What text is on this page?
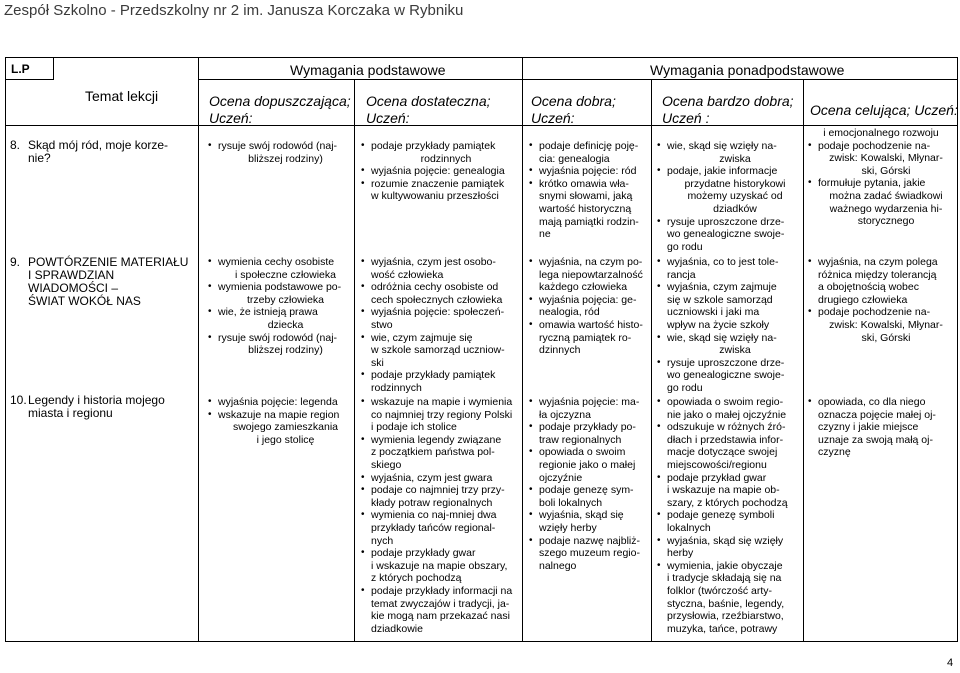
Zespół Szkolno - Przedszkolny nr 2 im. Janusza Korczaka w Rybniku
L.P
Temat lekcji
Wymagania podstawowe	Wymagania ponadpodstawowe
Ocena dopuszczająca;
Uczeń:
Ocena dostateczna;
Uczeń:
Ocena dobra;
Uczeń:
Ocena bardzo dobra;
Uczeń :	Ocena celująca; Uczeń:
8. Skąd mój ród, moje korze-
nie?
9. POWTÓRZENIE MATERIAŁU
I SPRAWDZIAN
WIADOMOŚCI –
ŚWIAT WOKÓŁ NAS
10.Legendy i historia mojego
miasta i regionu
• rysuje swój rodowód (naj-
bliższej rodziny)
• podaje przykłady pamiątek
rodzinnych
• wyjaśnia pojęcie: genealogia
• rozumie znaczenie pamiątek
w kultywowaniu przeszłości
• podaje definicję poję-
cia: genealogia
• wyjaśnia pojęcie: ród
• krótko omawia wła-
snymi słowami, jaką
wartość historyczną
mają pamiątki rodzin-
ne
• wie, skąd się wzięły na-
zwiska
• podaje, jakie informacje
przydatne historykowi
możemy uzyskać od
dziadków
• rysuje uproszczone drze-
wo genealogiczne swoje-
go rodu
i emocjonalnego rozwoju
• podaje pochodzenie na-
zwisk: Kowalski, Młynar-
ski, Górski
• formułuje pytania, jakie
można zadać świadkowi
ważnego wydarzenia hi-
storycznego
• wymienia cechy osobiste
i społeczne człowieka
• wymienia podstawowe po-
trzeby człowieka
• wie, że istnieją prawa
dziecka
• rysuje swój rodowód (naj-
bliższej rodziny)
• wyjaśnia, czym jest osobo-
wość człowieka
• odróżnia cechy osobiste od
cech społecznych człowieka
• wyjaśnia pojęcie: społeczeń-
stwo
• wie, czym zajmuje się
w szkole samorząd uczniow-
ski
• podaje przykłady pamiątek
rodzinnych
• wyjaśnia, na czym po-
lega niepowtarzalność
każdego człowieka
• wyjaśnia pojęcia: ge-
nealogia, ród
• omawia wartość histo-
ryczną pamiątek ro-
dzinnych
• wyjaśnia, co to jest tole-
rancja
• wyjaśnia, czym zajmuje
się w szkole samorząd
uczniowski i jaki ma
wpływ na życie szkoły
• wie, skąd się wzięły na-
zwiska
• rysuje uproszczone drze-
wo genealogiczne swoje-
go rodu
• wyjaśnia, na czym polega
różnica między tolerancją
a obojętnością wobec
drugiego człowieka
• podaje pochodzenie na-
zwisk: Kowalski, Młynar-
ski, Górski
• wyjaśnia pojęcie: legenda
• wskazuje na mapie region
swojego zamieszkania
i jego stolicę
• wskazuje na mapie i wymienia
co najmniej trzy regiony Polski
i podaje ich stolice
• wymienia legendy związane
z początkiem państwa pol-
skiego
• wyjaśnia, czym jest gwara
• podaje co najmniej trzy przy-
kłady potraw regionalnych
• wymienia co naj-mniej dwa
przykłady tańców regional-
nych
• podaje przykłady gwar
i wskazuje na mapie obszary,
z których pochodzą
• podaje przykłady informacji na
temat zwyczajów i tradycji, ja-
kie mogą nam przekazać nasi
dziadkowie
• wyjaśnia pojęcie: ma-
ła ojczyzna
• podaje przykłady po-
traw regionalnych
• opowiada o swoim
regionie jako o małej
ojczyźnie
• podaje genezę sym-
boli lokalnych
• wyjaśnia, skąd się
wzięły herby
• podaje nazwę najbliż-
szego muzeum regio-
nalnego
• opowiada o swoim regio-
nie jako o małej ojczyźnie
• odszukuje w różnych źró-
dłach i przedstawia infor-
macje dotyczące swojej
miejscowości/regionu
• podaje przykład gwar
i wskazuje na mapie ob-
szary, z których pochodzą
• podaje genezę symboli
lokalnych
• wyjaśnia, skąd się wzięły
herby
• wymienia, jakie obyczaje
i tradycje składają się na
folklor (twórczość arty-
styczna, baśnie, legendy,
przysłowia, rzeźbiarstwo,
muzyka, tańce, potrawy
• opowiada, co dla niego
oznacza pojęcie małej oj-
czyzny i jakie miejsce
uznaje za swoją małą oj-
czyznę
4
